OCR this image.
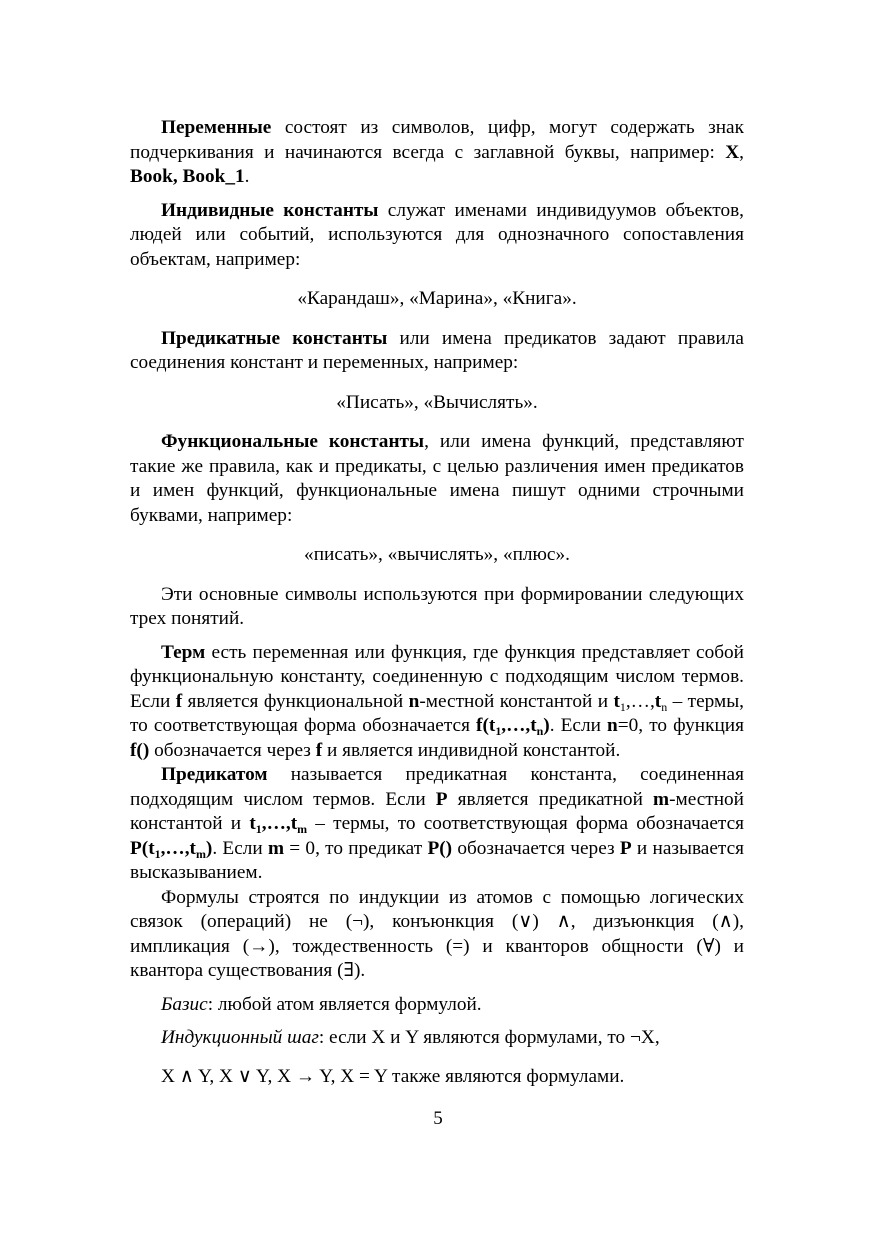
Переменные состоят из символов, цифр, могут содержать знак подчеркивания и начинаются всегда с заглавной буквы, например: X, Book, Book_1.

Индивидные константы служат именами индивидуумов объектов, людей или событий, используются для однозначного сопоставления объектам, например:

«Карандаш», «Марина», «Книга».

Предикатные константы или имена предикатов задают правила соединения констант и переменных, например:

«Писать», «Вычислять».

Функциональные константы, или имена функций, представляют такие же правила, как и предикаты, с целью различения имен предикатов и имен функций, функциональные имена пишут одними строчными буквами, например:

«писать», «вычислять», «плюс».

Эти основные символы используются при формировании следующих трех понятий.

Терм есть переменная или функция, где функция представляет собой функциональную константу, соединенную с подходящим числом термов. Если f является функциональной n-местной константой и $t_1,\dots,t_n$ – термы, то соответствующая форма обозначается $f(t_1,\dots,t_n)$. Если n=0, то функция f() обозначается через f и является индивидной константой.

Предикатом называется предикатная константа, соединенная подходящим числом термов. Если P является предикатной m-местной константой и $t_1,\dots,t_m$ – термы, то соответствующая форма обозначается $P(t_1,\dots,t_m)$. Если m = 0, то предикат P() обозначается через P и называется высказыванием.

Формулы строятся по индукции из атомов с помощью логических связок (операций) не (¬), конъюнкция (∨) ∧, дизъюнкция (∧), импликация (→), тождественность (=) и кванторов общности (∀) и квантора существования (∃).

Базис: любой атом является формулой.

Индукционный шаг: если X и Y являются формулами, то ¬X,

X ∧ Y, X ∨ Y, X → Y, X = Y также являются формулами.

5
